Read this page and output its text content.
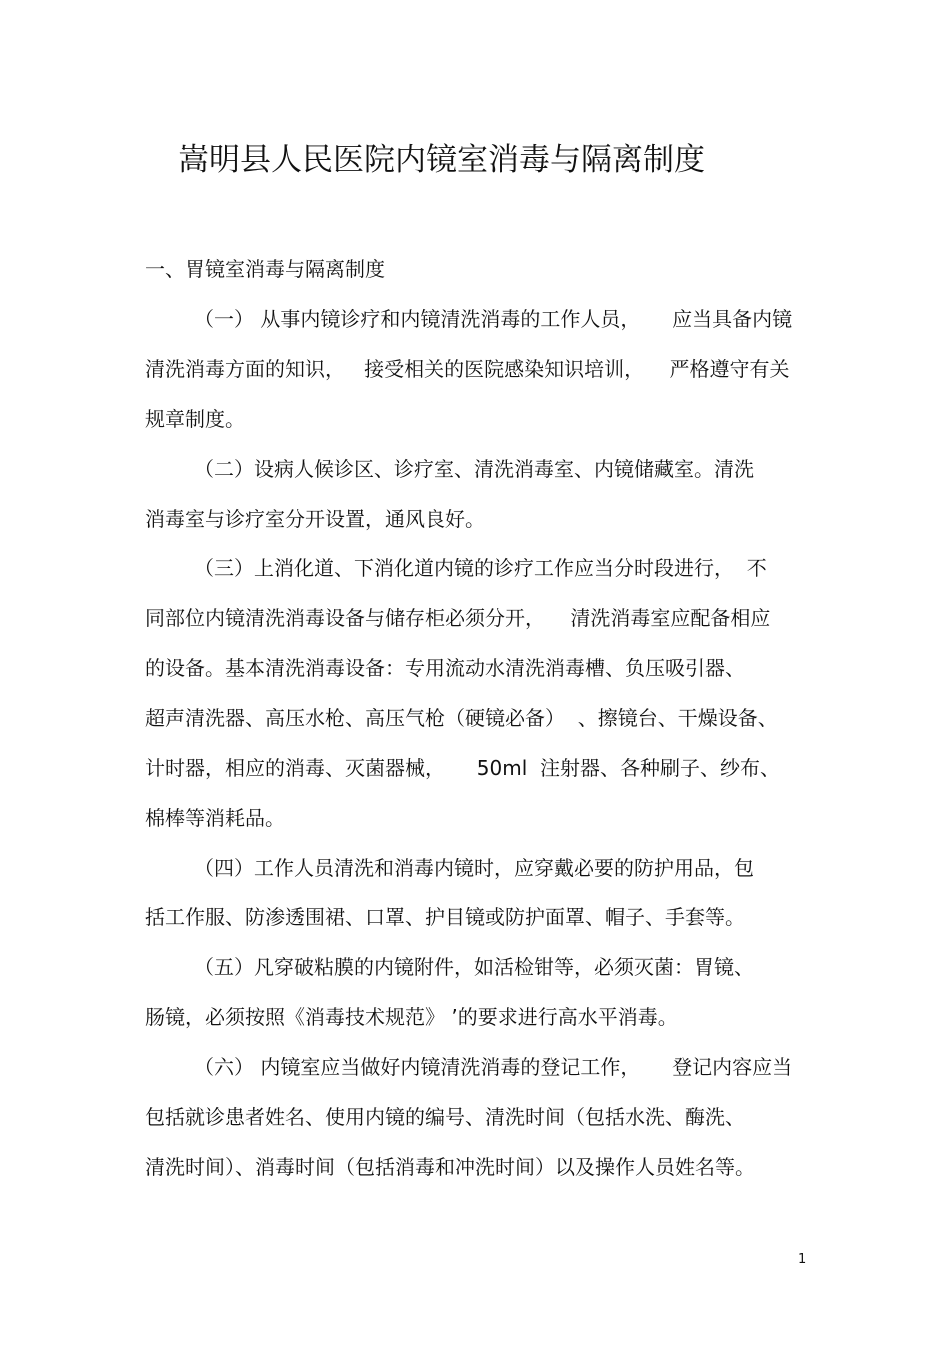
嵩明县人民医院内镜室消毒与隔离制度
一、胃镜室消毒与隔离制度
（一） 从事内镜诊疗和内镜清洗消毒的工作人员，     应当具备内镜
清洗消毒方面的知识，   接受相关的医院感染知识培训，    严格遵守有关
规章制度。
（二）设病人候诊区、诊疗室、清洗消毒室、内镜储藏室。清洗
消毒室与诊疗室分开设置，通风良好。
（三）上消化道、下消化道内镜的诊疗工作应当分时段进行，  不
同部位内镜清洗消毒设备与储存柜必须分开，    清洗消毒室应配备相应
的设备。基本清洗消毒设备：专用流动水清洗消毒槽、负压吸引器、
超声清洗器、高压水枪、高压气枪（硬镜必备）  、擦镜台、干燥设备、
计时器，相应的消毒、灭菌器械，     50ml  注射器、各种刷子、纱布、
棉棒等消耗品。
（四）工作人员清洗和消毒内镜时，应穿戴必要的防护用品，包
括工作服、防渗透围裙、口罩、护目镜或防护面罩、帽子、手套等。
（五）凡穿破粘膜的内镜附件，如活检钳等，必须灭菌：胃镜、
肠镜，必须按照《消毒技术规范》 ’的要求进行高水平消毒。
（六） 内镜室应当做好内镜清洗消毒的登记工作，     登记内容应当
包括就诊患者姓名、使用内镜的编号、清洗时间（包括水洗、酶洗、
清洗时间）、消毒时间（包括消毒和冲洗时间）以及操作人员姓名等。
1
